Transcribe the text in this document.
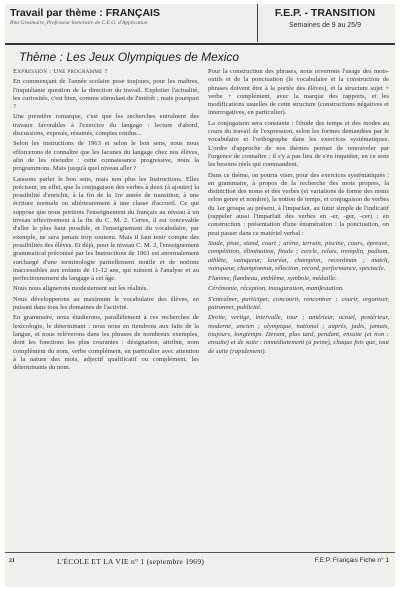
Travail par thème : FRANÇAIS
Rita Grosmaire, Professeur honoraire de C.E.G. d'Application
F.E.P. - TRANSITION
Semaines de 9 au 25/9
Thème : Les Jeux Olympiques de Mexico

Expression : Une programme ?

En commençant de l'année scolaire pose toujours, pour les maîtres, l'inquiétante question de la direction du travail. Exploiter l'actualité, les curiosités, c'est bien, comme stimulant de l'intérêt ; mais pourquoi ?

Une première remarque, c'est que les recherches entraînent des travaux favorables à l'exercice du langage : lecture d'abord, discussions, exposés, résumés, comptes rendus...

Selon les instructions de 1963 et selon le bon sens, nous nous efforcerons de connaître que les lacunes du langage chez nos élèves, afin de les résoudre : cette connaissance progressive, nous la programmons. Mais jusqu'à quel niveau aller ?

Laissons parler le bon sens, mais non plus les Instructions. Elles précisent, en effet, que la conjugaison des verbes à deux (à ajouter) la possibilité d'enrichir, à la fin de la 1re année de transition, à une écriture normale ou ultérieurement à une classe d'accueil. Ce qui suppose que nous portions l'enseignement du français au niveau à un niveau effectivement à la fin du C. M. 2. Certes, il est concevable d'aller le plus haut possible, et l'enseignement du vocabulaire, par exemple, ne sera jamais trop soutenu. Mais il faut tenir compte des possibilités des élèves. Et déjà, pour le niveau C. M. 2, l'enseignement grammatical préconisé par les Instructions de 1961 est anormalement surchargé d'une terminologie partiellement inutile et de notions inaccessibles aux enfants de 11-12 ans, qui nuisent à l'analyse et au perfectionnement du langage à cet âge.

Nous nous alignerons modestement sur les réalités.

Nous développerons au maximum le vocabulaire des élèves, en puisant dans tous les domaines de l'activité.

En grammaire, nous étudierons, parallèlement à ces recherches de lexicologie, le déterminant : nous nous en tiendrons aux faits de la langue, et nous relèverons dans les phrases de nombreux exemples, dont les fonctions les plus courantes : désignation, attribut, nom complément du nom, verbe complément, en particulier avec attention à la nature des mots, adjectif qualificatif ou complément, les déterminants du nom.

Pour la construction des phrases, nous reverrons l'usage des mots-outils et de la ponctuation (le vocabulaire et la construction de phrases doivent être à la portée des élèves), et la structure sujet + verbe + complément, avec la marque des rapports, et les modifications usuelles de cette structure (constructions négatives et interrogatives, en particulier).

La conjugaison sera constante : l'étude des temps et des modes au cours du travail de l'expression, selon les formes demandées par le vocabulaire et l'orthographe dans les exercices systématiques. L'ordre d'approche de nos thèmes permet de renouveler par l'urgence de connaître : il s'y a pas lieu de s'en inquiéter, en ce sens les besoins réels qui commandent.

Dans ce thème, on pourra viser, pour des exercices systématiques : en grammaire, à propos de la recherche des mots propres, la distinction des noms et des verbes (et variations de forme des noms selon genre et nombre), la notion de temps, et conjugaison de verbes du 1er groupe au présent, à l'imparfait, au futur simple de l'indicatif (rappeler aussi l'imparfait des verbes en -er, -ger, -cer) ; en construction : présentation d'une énumération : la ponctuation, on peut passer dans ce matériel verbal :

Stade, piste, stand, court ; arène, terrain, piscine, cours, épreuve, compétition, élimination, finale ; cercle, relais, tremplin, podium, athlète, vainqueur, lauréat, champion, recordman ; match, vainqueur, championnat, sélection, record, performance, spectacle.

Flamme, flambeau, emblème, symbole, médaille.

Cérémonie, réception, inauguration, manifestation.

S'entraîner, participer, concourir, rencontrer ; courir, organiser, patronner, publicité.

Droite, vertige, intervalle, tour ; antérieur, actuel, postérieur, moderne, ancien ; olympique, national ; auprès, jadis, jamais, toujours, longtemps. Devant, plus tard, pendant, ensuite (et non : ensuite) et de suite : immédiatement (à peine), chaque fois que, tout de suite (rapidement).

21	L'ÉCOLE ET LA VIE n° 1 (septembre 1969)	F.E.P. Français Fiche n° 1
